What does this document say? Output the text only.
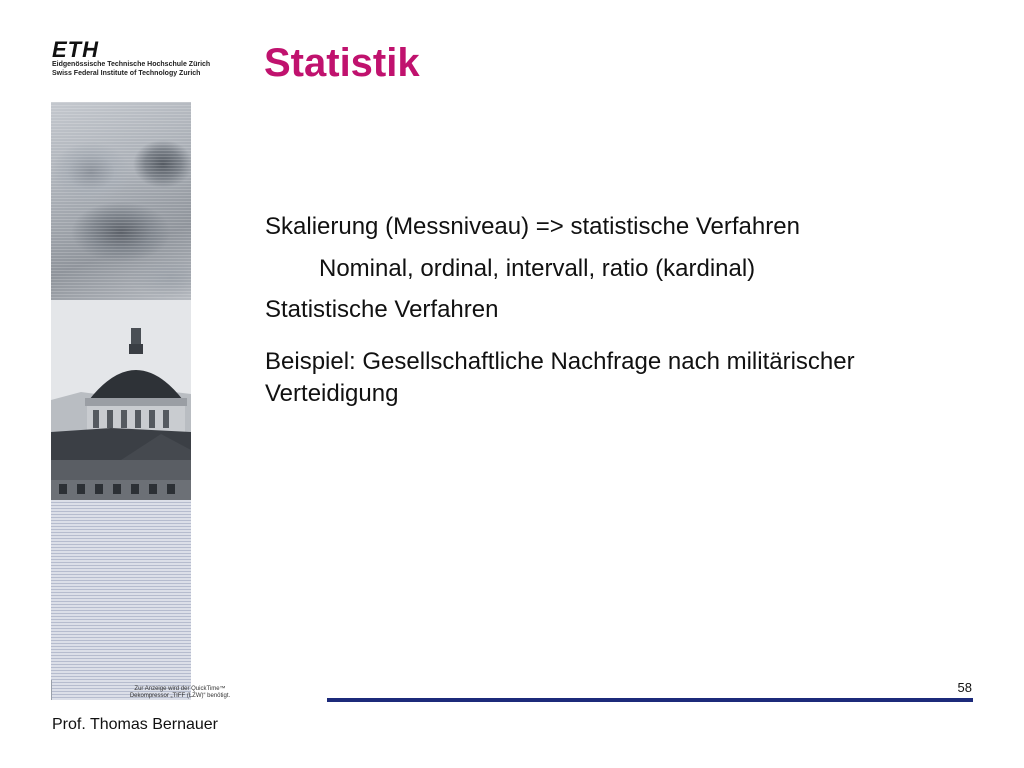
ETH
Eidgenössische Technische Hochschule Zürich
Swiss Federal Institute of Technology Zurich Statistik
Zur Anzeige wird der QuickTime™ Dekompressor „TIFF (LZW)“ benötigt.

Skalierung (Messniveau) => statistische Verfahren

Nominal, ordinal, intervall, ratio (kardinal)

Statistische Verfahren

Beispiel: Gesellschaftliche Nachfrage nach militärischer Verteidigung

58
Prof. Thomas Bernauer
